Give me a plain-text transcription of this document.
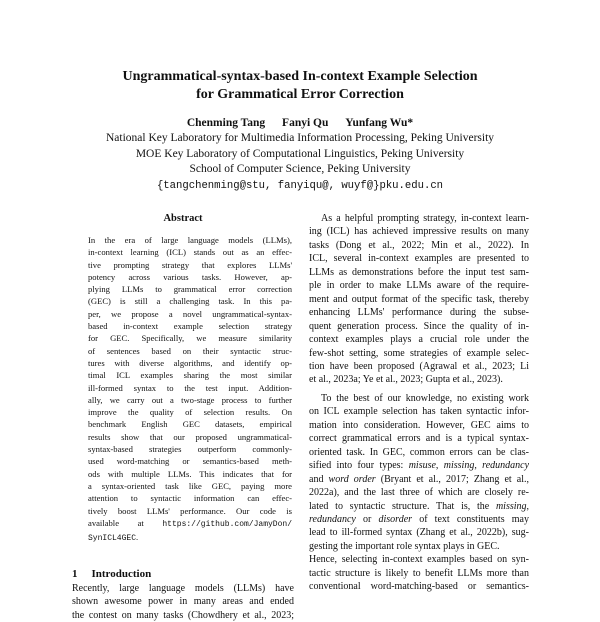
Ungrammatical-syntax-based In-context Example Selection
for Grammatical Error Correction
Chenming Tang Fanyi Qu Yunfang Wu*
National Key Laboratory for Multimedia Information Processing, Peking University
MOE Key Laboratory of Computational Linguistics, Peking University
School of Computer Science, Peking University
{tangchenming@stu, fanyiqu@, wuyf@}pku.edu.cn
Abstract
In the era of large language models (LLMs),
in-context learning (ICL) stands out as an effec-
tive prompting strategy that explores LLMs'
potency across various tasks. However, ap-
plying LLMs to grammatical error correction
(GEC) is still a challenging task. In this pa-
per, we propose a novel ungrammatical-syntax-
based in-context example selection strategy
for GEC. Specifically, we measure similarity
of sentences based on their syntactic struc-
tures with diverse algorithms, and identify op-
timal ICL examples sharing the most similar
ill-formed syntax to the test input. Addition-
ally, we carry out a two-stage process to further
improve the quality of selection results. On
benchmark English GEC datasets, empirical
results show that our proposed ungrammatical-
syntax-based strategies outperform commonly-
used word-matching or semantics-based meth-
ods with multiple LLMs. This indicates that for
a syntax-oriented task like GEC, paying more
attention to syntactic information can effec-
tively boost LLMs' performance. Our code is
available at https://github.com/JamyDon/
SynICL4GEC.
1 Introduction
Recently, large language models (LLMs) have
shown awesome power in many areas and ended
the contest on many tasks (Chowdhery et al., 2023;
As a helpful prompting strategy, in-context learn-
ing (ICL) has achieved impressive results on many
tasks (Dong et al., 2022; Min et al., 2022). In
ICL, several in-context examples are presented to
LLMs as demonstrations before the input test sam-
ple in order to make LLMs aware of the require-
ment and output format of the specific task, thereby
enhancing LLMs' performance during the subse-
quent generation process. Since the quality of in-
context examples plays a crucial role under the
few-shot setting, some strategies of example selec-
tion have been proposed (Agrawal et al., 2023; Li
et al., 2023a; Ye et al., 2023; Gupta et al., 2023).
To the best of our knowledge, no existing work
on ICL example selection has taken syntactic infor-
mation into consideration. However, GEC aims to
correct grammatical errors and is a typical syntax-
oriented task. In GEC, common errors can be clas-
sified into four types: misuse, missing, redundancy
and word order (Bryant et al., 2017; Zhang et al.,
2022a), and the last three of which are closely re-
lated to syntactic structure. That is, the missing,
redundancy or disorder of text constituents may
lead to ill-formed syntax (Zhang et al., 2022b), sug-
gesting the important role syntax plays in GEC.
Hence, selecting in-context examples based on syn-
tactic structure is likely to benefit LLMs more than
conventional word-matching-based or semantics-
